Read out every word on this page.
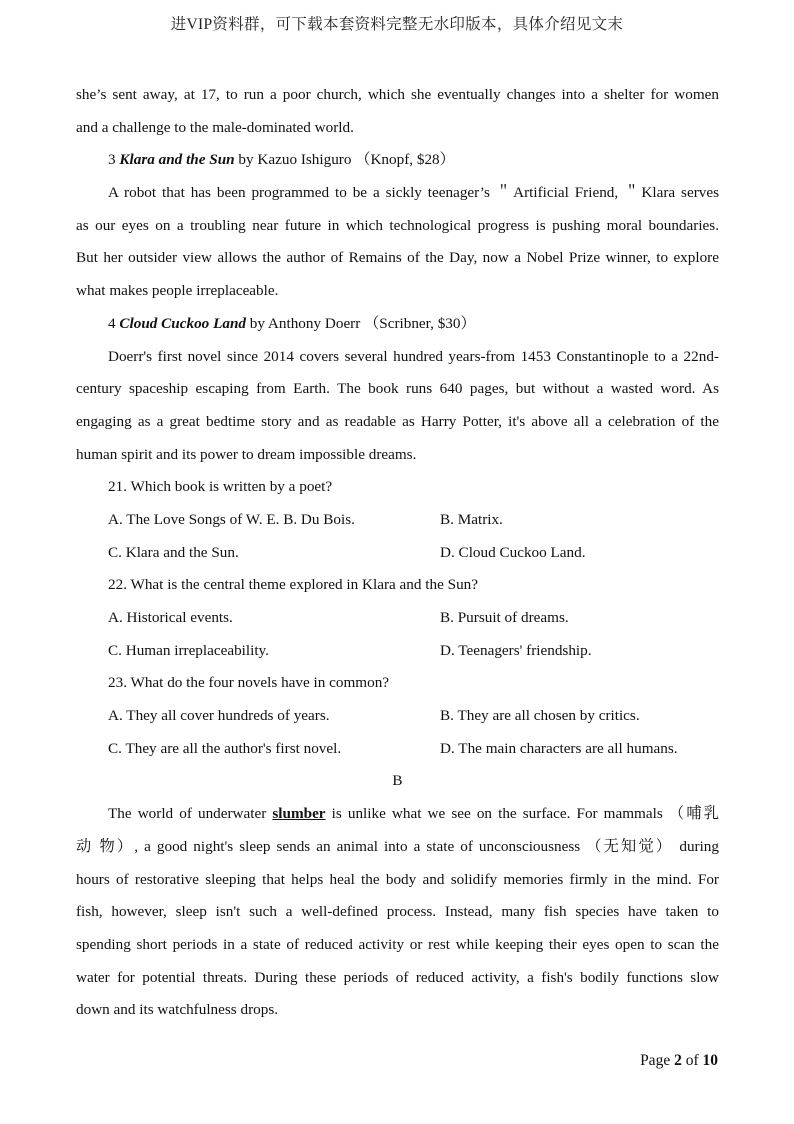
进VIP资料群，可下载本套资料完整无水印版本，具体介绍见文末
she’s sent away, at 17, to run a poor church, which she eventually changes into a shelter for women
and a challenge to the male-dominated world.
3 Klara and the Sun by Kazuo Ishiguro （Knopf, $28）
A robot that has been programmed to be a sickly teenager’s ＂Artificial Friend, ＂Klara serves
as our eyes on a troubling near future in which technological progress is pushing moral boundaries.
But her outsider view allows the author of Remains of the Day, now a Nobel Prize winner, to explore
what makes people irreplaceable.
4 Cloud Cuckoo Land by Anthony Doerr （Scribner, $30）
Doerr's first novel since 2014 covers several hundred years-from 1453 Constantinople to a 22nd-
century spaceship escaping from Earth. The book runs 640 pages, but without a wasted word. As
engaging as a great bedtime story and as readable as Harry Potter, it's above all a celebration of the
human spirit and its power to dream impossible dreams.
21. Which book is written by a poet?
A. The Love Songs of W. E. B. Du Bois.	B. Matrix.
C. Klara and the Sun.	D. Cloud Cuckoo Land.
22. What is the central theme explored in Klara and the Sun?
A. Historical events.	B. Pursuit of dreams.
C. Human irreplaceability.	D. Teenagers' friendship.
23. What do the four novels have in common?
A. They all cover hundreds of years.	B. They are all chosen by critics.
C. They are all the author's first novel.	D. The main characters are all humans.
B
The world of underwater slumber is unlike what we see on the surface. For mammals （哺乳
动 物）, a good night's sleep sends an animal into a state of unconsciousness （无知觉） during
hours of restorative sleeping that helps heal the body and solidify memories firmly in the mind. For
fish, however, sleep isn't such a well-defined process. Instead, many fish species have taken to
spending short periods in a state of reduced activity or rest while keeping their eyes open to scan the
water for potential threats. During these periods of reduced activity, a fish's bodily functions slow
down and its watchfulness drops.
Page 2 of 10
